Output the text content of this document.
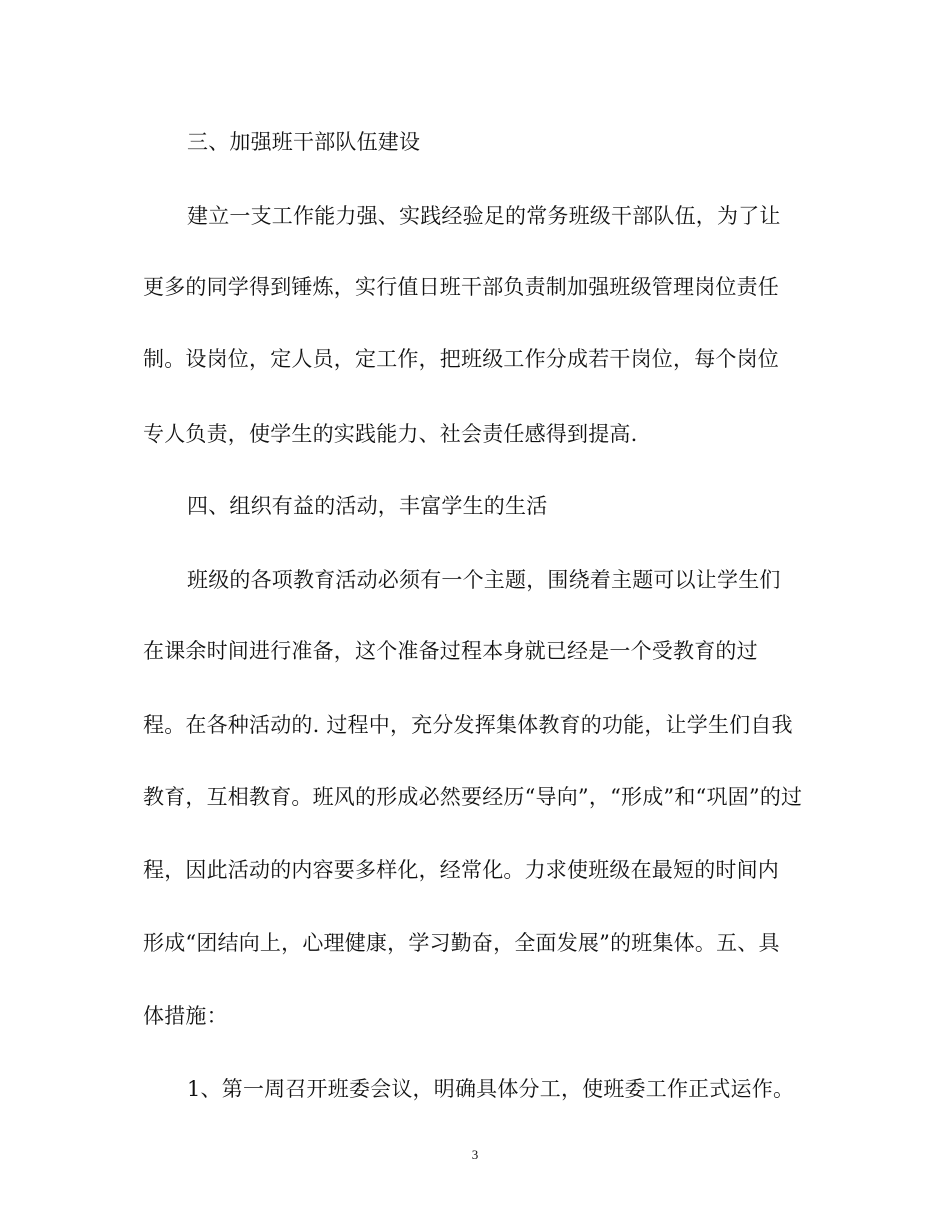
三、加强班干部队伍建设
建立一支工作能力强、实践经验足的常务班级干部队伍，为了让
更多的同学得到锤炼，实行值日班干部负责制加强班级管理岗位责任
制。设岗位，定人员，定工作，把班级工作分成若干岗位，每个岗位
专人负责，使学生的实践能力、社会责任感得到提高.
四、组织有益的活动，丰富学生的生活
班级的各项教育活动必须有一个主题，围绕着主题可以让学生们
在课余时间进行准备，这个准备过程本身就已经是一个受教育的过
程。在各种活动的. 过程中，充分发挥集体教育的功能，让学生们自我
教育，互相教育。班风的形成必然要经历“导向”，“形成”和“巩固”的过
程，因此活动的内容要多样化，经常化。力求使班级在最短的时间内
形成“团结向上，心理健康，学习勤奋，全面发展”的班集体。五、具
体措施：
1、第一周召开班委会议，明确具体分工，使班委工作正式运作。
3
